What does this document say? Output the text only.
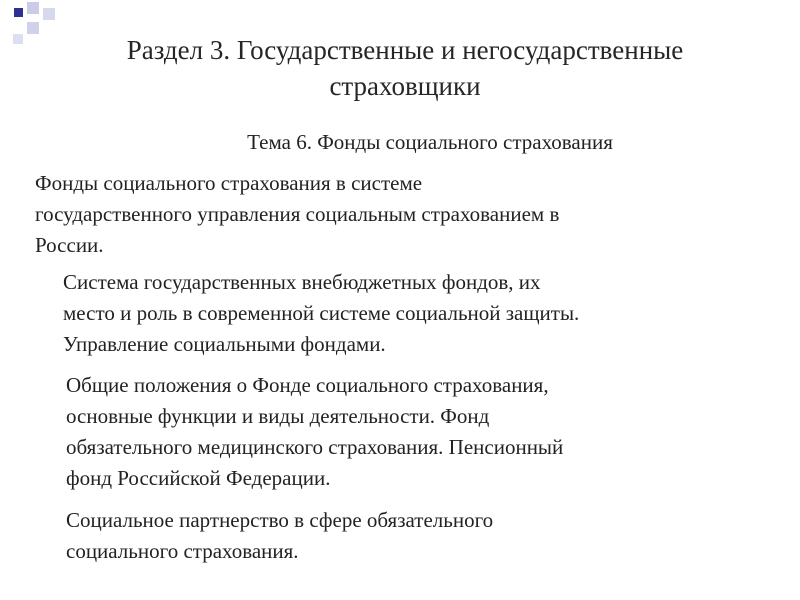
Раздел 3. Государственные и негосударственные
страховщики

Тема 6. Фонды социального страхования

Фонды социального страхования в системе
государственного управления социальным страхованием в
России.

Система государственных внебюджетных фондов, их
место и роль в современной системе социальной защиты.
Управление социальными фондами.

Общие положения о Фонде социального страхования,
основные функции и виды деятельности. Фонд
обязательного медицинского страхования. Пенсионный
фонд Российской Федерации.

Социальное партнерство в сфере обязательного
социального страхования.
